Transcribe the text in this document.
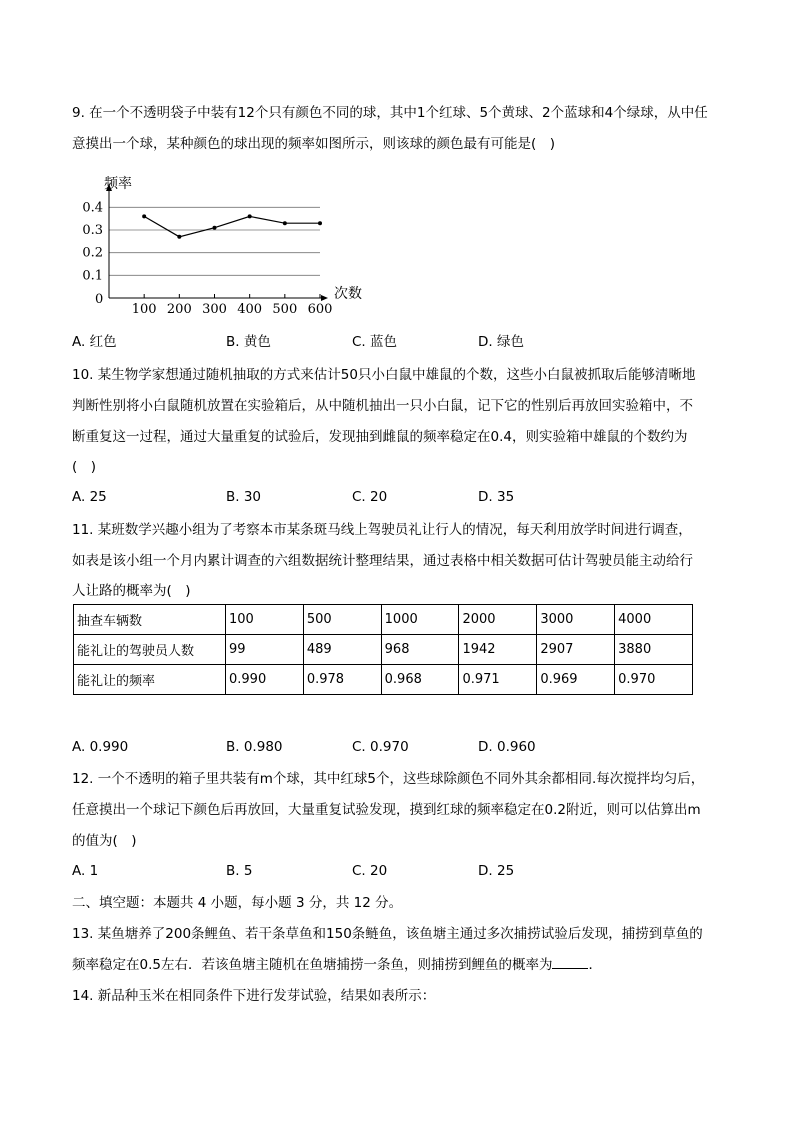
9. 在一个不透明袋子中装有12个只有颜色不同的球，其中1个红球、5个黄球、2个蓝球和4个绿球，从中任
意摸出一个球，某种颜色的球出现的频率如图所示，则该球的颜色最有可能是(　)
0.1
0.2
0.3
0.4
100 200 300 400 500 600
频率
次数
0
A. 红色	B. 黄色	C. 蓝色	D. 绿色
10. 某生物学家想通过随机抽取的方式来估计50只小白鼠中雄鼠的个数，这些小白鼠被抓取后能够清晰地
判断性别将小白鼠随机放置在实验箱后，从中随机抽出一只小白鼠，记下它的性别后再放回实验箱中，不
断重复这一过程，通过大量重复的试验后，发现抽到雌鼠的频率稳定在0.4，则实验箱中雄鼠的个数约为
(　)
A. 25	B. 30	C. 20	D. 35
11. 某班数学兴趣小组为了考察本市某条斑马线上驾驶员礼让行人的情况，每天利用放学时间进行调查，
如表是该小组一个月内累计调查的六组数据统计整理结果，通过表格中相关数据可估计驾驶员能主动给行
人让路的概率为(　)
抽查车辆数	100	500	1000	2000	3000	4000
能礼让的驾驶员人数	99	489	968	1942	2907	3880
能礼让的频率	0.990	0.978	0.968	0.971	0.969	0.970
A. 0.990	B. 0.980	C. 0.970	D. 0.960
12. 一个不透明的箱子里共装有m个球，其中红球5个，这些球除颜色不同外其余都相同.每次搅拌均匀后，
任意摸出一个球记下颜色后再放回，大量重复试验发现，摸到红球的频率稳定在0.2附近，则可以估算出m
的值为(　)
A. 1	B. 5	C. 20	D. 25
二、填空题：本题共 4 小题，每小题 3 分，共 12 分。
13. 某鱼塘养了200条鲤鱼、若干条草鱼和150条鲢鱼，该鱼塘主通过多次捕捞试验后发现，捕捞到草鱼的
频率稳定在0.5左右．若该鱼塘主随机在鱼塘捕捞一条鱼，则捕捞到鲤鱼的概率为	．
14. 新品种玉米在相同条件下进行发芽试验，结果如表所示：
